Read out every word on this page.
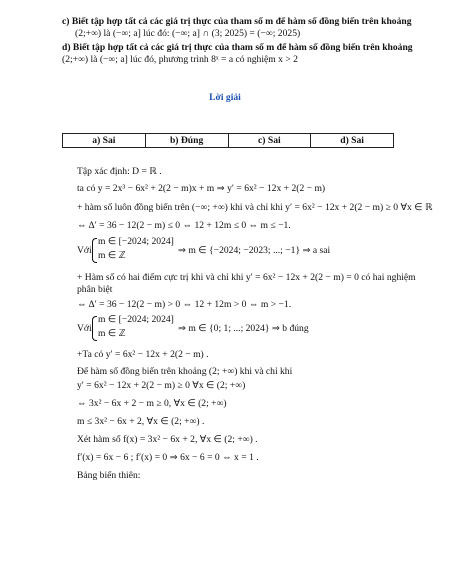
c) Biết tập hợp tất cả các giá trị thực của tham số m để hàm số đồng biến trên khoảng
(2;+∞) là (−∞; a] lúc đó: (−∞; a] ∩ (3; 2025) = (−∞; 2025)
d) Biết tập hợp tất cả các giá trị thực của tham số m để hàm số đồng biến trên khoảng
(2;+∞) là (−∞; a] lúc đó, phương trình 8ˣ = a có nghiệm x > 2
Lời giải
a) Sai	b) Đúng	c) Sai	d) Sai
Tập xác định: D = ℝ .
ta có y = 2x³ − 6x² + 2(2 − m)x + m ⇒ y′ = 6x² − 12x + 2(2 − m)
+ hàm số luôn đồng biến trên (−∞; +∞) khi và chỉ khi y′ = 6x² − 12x + 2(2 − m) ≥ 0 ∀x ∈ ℝ
⇔ Δ′ = 36 − 12(2 − m) ≤ 0 ⇔ 12 + 12m ≤ 0 ⇔ m ≤ −1.
Với
m ∈ [−2024; 2024]
m ∈ ℤ	⇒ m ∈ {−2024; −2023; ...; −1} ⇒ a sai
+ Hàm số có hai điểm cực trị khi và chỉ khi y′ = 6x² − 12x + 2(2 − m) = 0 có hai nghiệm
phân biệt
⇔ Δ′ = 36 − 12(2 − m) > 0 ⇔ 12 + 12m > 0 ⇔ m > −1.
Với
m ∈ [−2024; 2024]
m ∈ ℤ	⇒ m ∈ {0; 1; ...; 2024} ⇒ b đúng
+Ta có y′ = 6x² − 12x + 2(2 − m) .
Để hàm số đồng biến trên khoảng (2; +∞) khi và chỉ khi
y′ = 6x² − 12x + 2(2 − m) ≥ 0 ∀x ∈ (2; +∞)
⇔ 3x² − 6x + 2 − m ≥ 0, ∀x ∈ (2; +∞)
m ≤ 3x² − 6x + 2, ∀x ∈ (2; +∞) .
Xét hàm số f(x) = 3x² − 6x + 2, ∀x ∈ (2; +∞) .
f′(x) = 6x − 6 ; f′(x) = 0 ⇒ 6x − 6 = 0 ⇔ x = 1 .
Bảng biến thiên:
